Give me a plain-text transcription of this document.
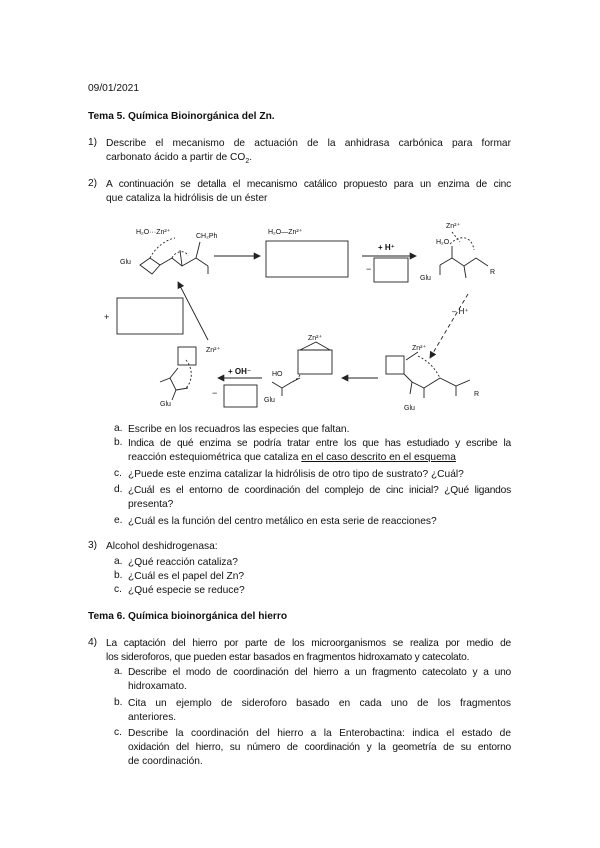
09/01/2021
Tema 5. Química Bioinorgánica del Zn.
1) Describe el mecanismo de actuación de la anhidrasa carbónica para formar
carbonato ácido a partir de $CO_2$.
2) A continuación se detalla el mecanismo catálico propuesto para un enzima de cinc
que cataliza la hidrólisis de un éster
H₂O···Zn²⁺
CH₂Ph
Glu
H₂O—Zn²⁺
+ H⁺
−
H₂O
Zn²⁺
Glu
R
– H⁺
+
Zn²⁺
+ OH⁻
−
Glu
Zn²⁺
HO
Glu
Zn²⁺
Glu
R
a. Escribe en los recuadros las especies que faltan.
b. Indica de qué enzima se podría tratar entre los que has estudiado y escribe la
reacción estequiométrica que cataliza en el caso descrito en el esquema
c. ¿Puede este enzima catalizar la hidrólisis de otro tipo de sustrato? ¿Cuál?
d. ¿Cuál es el entorno de coordinación del complejo de cinc inicial? ¿Qué ligandos
presenta?
e. ¿Cuál es la función del centro metálico en esta serie de reacciones?
3) Alcohol deshidrogenasa:
a. ¿Qué reacción cataliza?
b. ¿Cuál es el papel del Zn?
c. ¿Qué especie se reduce?
Tema 6. Química bioinorgánica del hierro
4) La captación del hierro por parte de los microorganismos se realiza por medio de
los sideroforos, que pueden estar basados en fragmentos hidroxamato y catecolato.
a. Describe el modo de coordinación del hierro a un fragmento catecolato y a uno
hidroxamato.
b. Cita un ejemplo de sideroforo basado en cada uno de los fragmentos
anteriores.
c. Describe la coordinación del hierro a la Enterobactina: indica el estado de
oxidación del hierro, su número de coordinación y la geometría de su entorno
de coordinación.
